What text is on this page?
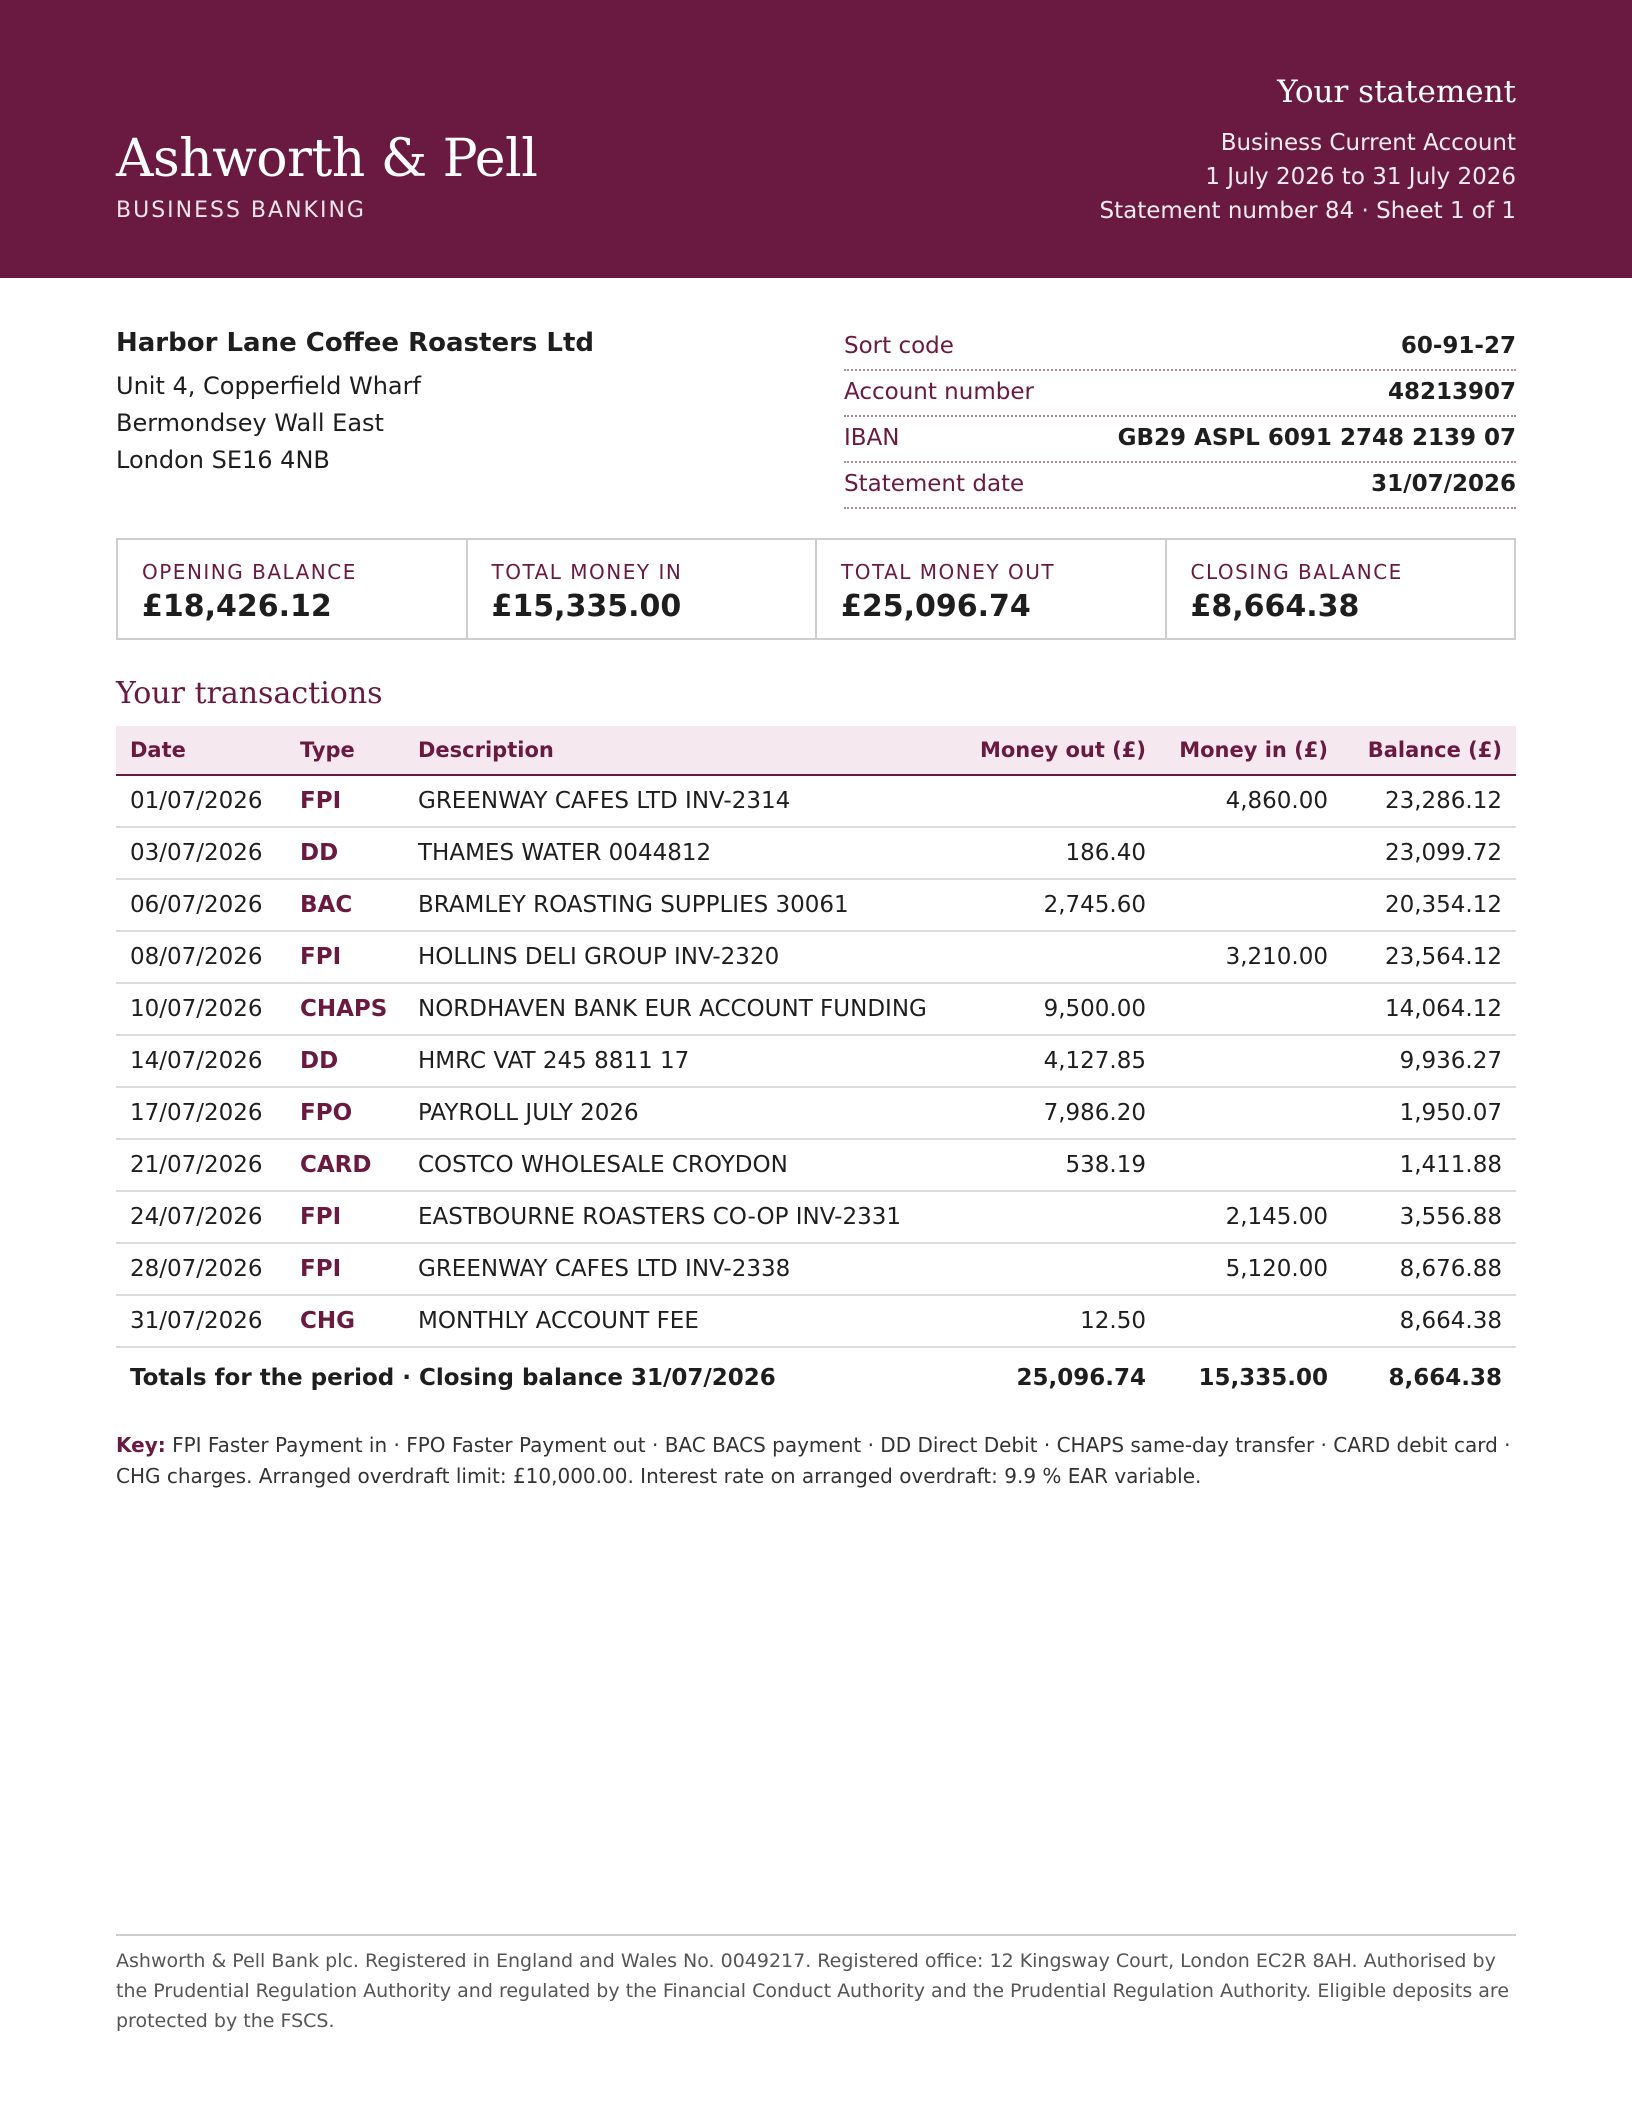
Ashworth & Pell
BUSINESS BANKING
Your statement
Business Current Account
1 July 2026 to 31 July 2026
Statement number 84 · Sheet 1 of 1
Harbor Lane Coffee Roasters Ltd
Unit 4, Copperfield Wharf
Bermondsey Wall East
London SE16 4NB
Sort code	60-91-27
Account number	48213907
IBAN	GB29 ASPL 6091 2748 2139 07
Statement date	31/07/2026
OPENING BALANCE
£18,426.12
TOTAL MONEY IN
£15,335.00
TOTAL MONEY OUT
£25,096.74
CLOSING BALANCE
£8,664.38
Your transactions
Date	Type	Description	Money out (£)	Money in (£)	Balance (£)
01/07/2026	FPI	GREENWAY CAFES LTD INV-2314		4,860.00	23,286.12
03/07/2026	DD	THAMES WATER 0044812	186.40		23,099.72
06/07/2026	BAC	BRAMLEY ROASTING SUPPLIES 30061	2,745.60		20,354.12
08/07/2026	FPI	HOLLINS DELI GROUP INV-2320		3,210.00	23,564.12
10/07/2026	CHAPS	NORDHAVEN BANK EUR ACCOUNT FUNDING	9,500.00		14,064.12
14/07/2026	DD	HMRC VAT 245 8811 17	4,127.85		9,936.27
17/07/2026	FPO	PAYROLL JULY 2026	7,986.20		1,950.07
21/07/2026	CARD	COSTCO WHOLESALE CROYDON	538.19		1,411.88
24/07/2026	FPI	EASTBOURNE ROASTERS CO-OP INV-2331		2,145.00	3,556.88
28/07/2026	FPI	GREENWAY CAFES LTD INV-2338		5,120.00	8,676.88
31/07/2026	CHG	MONTHLY ACCOUNT FEE	12.50		8,664.38
Totals for the period · Closing balance 31/07/2026			25,096.74	15,335.00	8,664.38
Key: FPI Faster Payment in · FPO Faster Payment out · BAC BACS payment · DD Direct Debit · CHAPS same-day transfer · CARD debit card · CHG charges. Arranged overdraft limit: £10,000.00. Interest rate on arranged overdraft: 9.9 % EAR variable.
Ashworth & Pell Bank plc. Registered in England and Wales No. 0049217. Registered office: 12 Kingsway Court, London EC2R 8AH. Authorised by the Prudential Regulation Authority and regulated by the Financial Conduct Authority and the Prudential Regulation Authority. Eligible deposits are protected by the FSCS.
